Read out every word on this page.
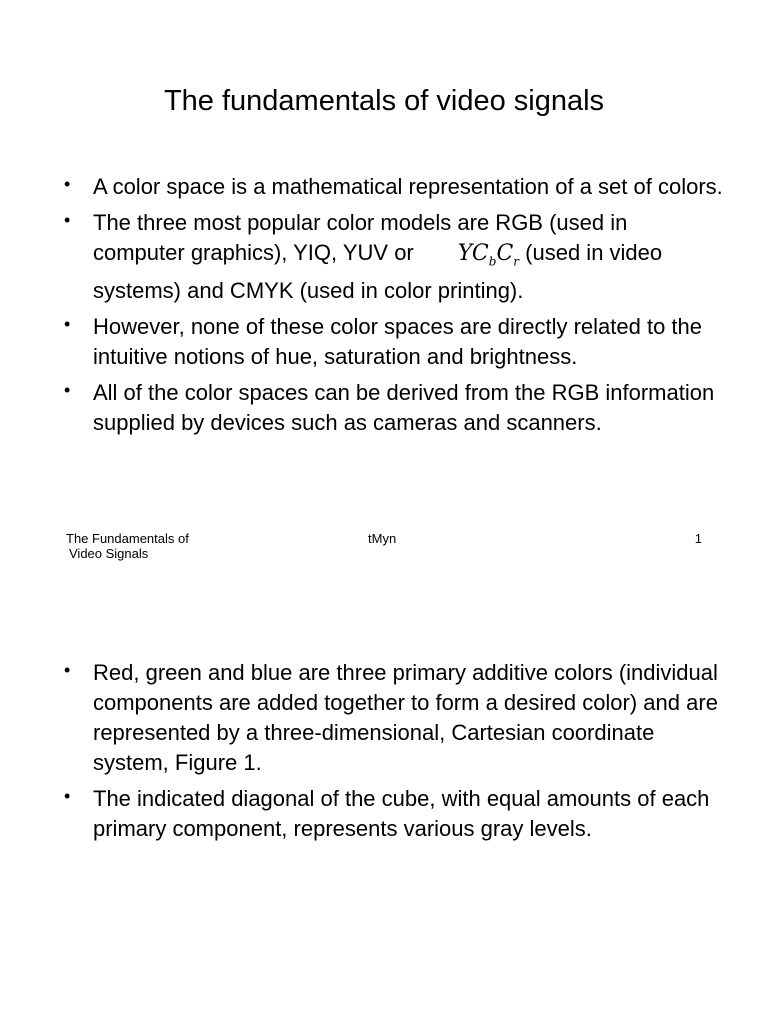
The fundamentals of video signals
• A color space is a mathematical representation of a set of colors.
• The three most popular color models are RGB (used in computer graphics), YIQ, YUV or $YC_bC_r$ (used in video systems) and CMYK (used in color printing).
• However, none of these color spaces are directly related to the intuitive notions of hue, saturation and brightness.
• All of the color spaces can be derived from the RGB information supplied by devices such as cameras and scanners.
The Fundamentals of
Video Signals
tMyn	1
• Red, green and blue are three primary additive colors (individual components are added together to form a desired color) and are represented by a three-dimensional, Cartesian coordinate system, Figure 1.
• The indicated diagonal of the cube, with equal amounts of each primary component, represents various gray levels.
